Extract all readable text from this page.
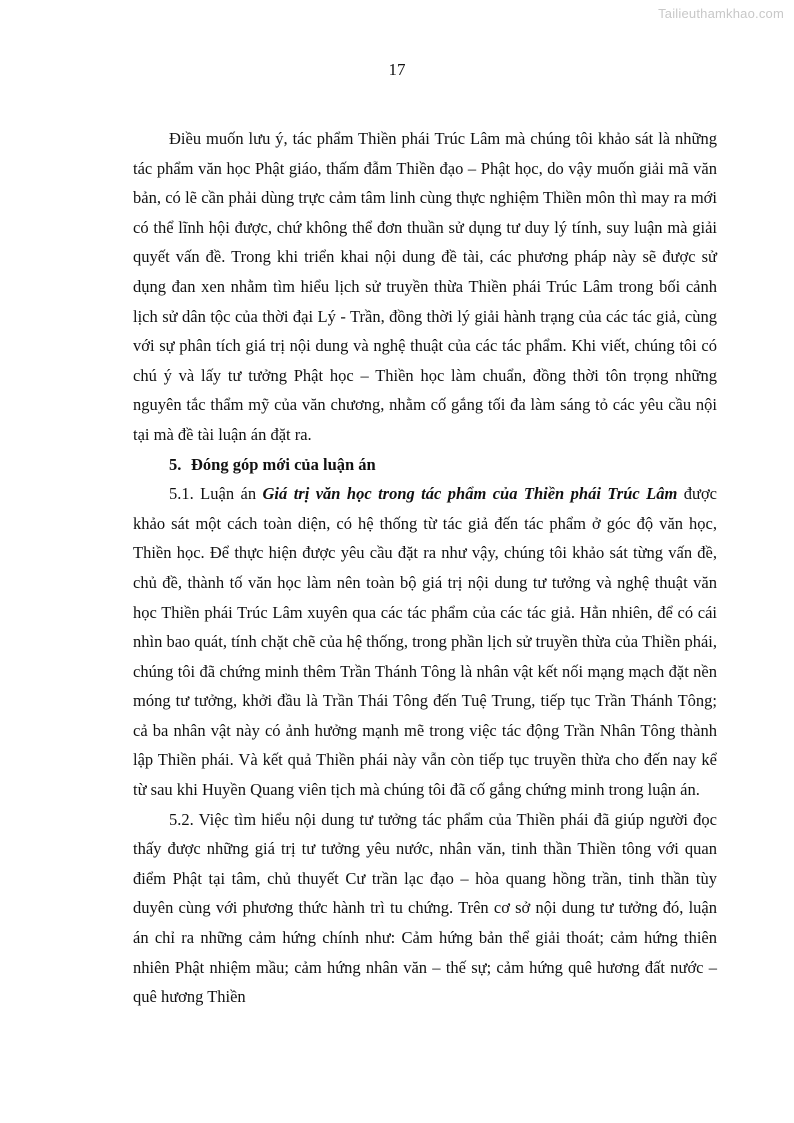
Tailieuthamkhao.com
17

Điều muốn lưu ý, tác phẩm Thiền phái Trúc Lâm mà chúng tôi khảo sát là những tác phẩm văn học Phật giáo, thấm đẫm Thiền đạo – Phật học, do vậy muốn giải mã văn bản, có lẽ cần phải dùng trực cảm tâm linh cùng thực nghiệm Thiền môn thì may ra mới có thể lĩnh hội được, chứ không thể đơn thuần sử dụng tư duy lý tính, suy luận mà giải quyết vấn đề. Trong khi triển khai nội dung đề tài, các phương pháp này sẽ được sử dụng đan xen nhằm tìm hiểu lịch sử truyền thừa Thiền phái Trúc Lâm trong bối cảnh lịch sử dân tộc của thời đại Lý - Trần, đồng thời lý giải hành trạng của các tác giả, cùng với sự phân tích giá trị nội dung và nghệ thuật của các tác phẩm. Khi viết, chúng tôi có chú ý và lấy tư tưởng Phật học – Thiền học làm chuẩn, đồng thời tôn trọng những nguyên tắc thẩm mỹ của văn chương, nhằm cố gắng tối đa làm sáng tỏ các yêu cầu nội tại mà đề tài luận án đặt ra.

5. Đóng góp mới của luận án

5.1. Luận án Giá trị văn học trong tác phẩm của Thiền phái Trúc Lâm được khảo sát một cách toàn diện, có hệ thống từ tác giả đến tác phẩm ở góc độ văn học, Thiền học. Để thực hiện được yêu cầu đặt ra như vậy, chúng tôi khảo sát từng vấn đề, chủ đề, thành tố văn học làm nên toàn bộ giá trị nội dung tư tưởng và nghệ thuật văn học Thiền phái Trúc Lâm xuyên qua các tác phẩm của các tác giả. Hẳn nhiên, để có cái nhìn bao quát, tính chặt chẽ của hệ thống, trong phần lịch sử truyền thừa của Thiền phái, chúng tôi đã chứng minh thêm Trần Thánh Tông là nhân vật kết nối mạng mạch đặt nền móng tư tưởng, khởi đầu là Trần Thái Tông đến Tuệ Trung, tiếp tục Trần Thánh Tông; cả ba nhân vật này có ảnh hưởng mạnh mẽ trong việc tác động Trần Nhân Tông thành lập Thiền phái. Và kết quả Thiền phái này vẫn còn tiếp tục truyền thừa cho đến nay kể từ sau khi Huyền Quang viên tịch mà chúng tôi đã cố gắng chứng minh trong luận án.

5.2. Việc tìm hiểu nội dung tư tưởng tác phẩm của Thiền phái đã giúp người đọc thấy được những giá trị tư tưởng yêu nước, nhân văn, tinh thần Thiền tông với quan điểm Phật tại tâm, chủ thuyết Cư trần lạc đạo – hòa quang hồng trần, tinh thần tùy duyên cùng với phương thức hành trì tu chứng. Trên cơ sở nội dung tư tưởng đó, luận án chỉ ra những cảm hứng chính như: Cảm hứng bản thể giải thoát; cảm hứng thiên nhiên Phật nhiệm mầu; cảm hứng nhân văn – thế sự; cảm hứng quê hương đất nước – quê hương Thiền
